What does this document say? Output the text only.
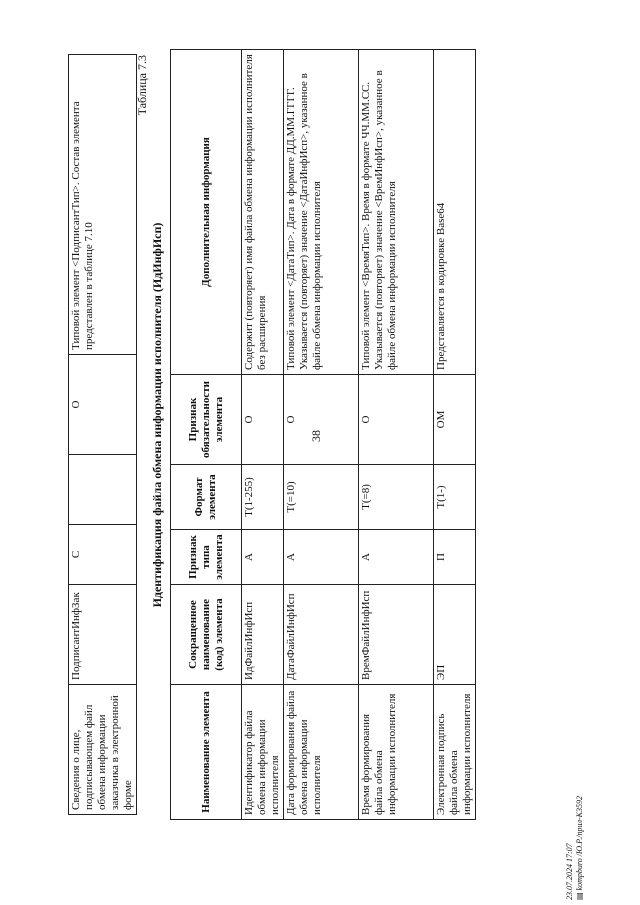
38
Сведения о лице, подписывающем файл обмена информации заказчика в электронной форме	ПодписантИнфЗак	С		О	Типовой элемент <ПодписантТип>. Состав элемента представлен в таблице 7.10
Таблица 7.3
Идентификация файла обмена информации исполнителя (ИдИнфИсп)
Наименование элемента	Сокращенное наименование (код) элемента	Признак типа элемента	Формат элемента	Признак обязательности элемента	Дополнительная информация
Идентификатор файла обмена информации исполнителя	ИдФайлИнфИсп	А	T(1-255)	О	Содержит (повторяет) имя файла обмена информации исполнителя без расширения
Дата формирования файла обмена информации исполнителя	ДатаФайлИнфИсп	А	T(=10)	О	Типовой элемент <ДатаТип>. Дата в формате ДД.ММ.ГГГГ. Указывается (повторяет) значение <ДатаИнфИсп>, указанное в файле обмена информации исполнителя
Время формирования файла обмена информации исполнителя	ВремФайлИнфИсп	А	T(=8)	О	Типовой элемент <ВремяТип>. Время в формате ЧЧ.ММ.СС. Указывается (повторяет) значение <ВремИнфИсп>, указанное в файле обмена информации исполнителя
Электронная подпись файла обмена информации исполнителя	ЭП	П	T(1-)	ОМ	Представляется в кодировке Base64
23.07.2024 17:07 ▤ kompburo /Ю.Р./прил-К3592
